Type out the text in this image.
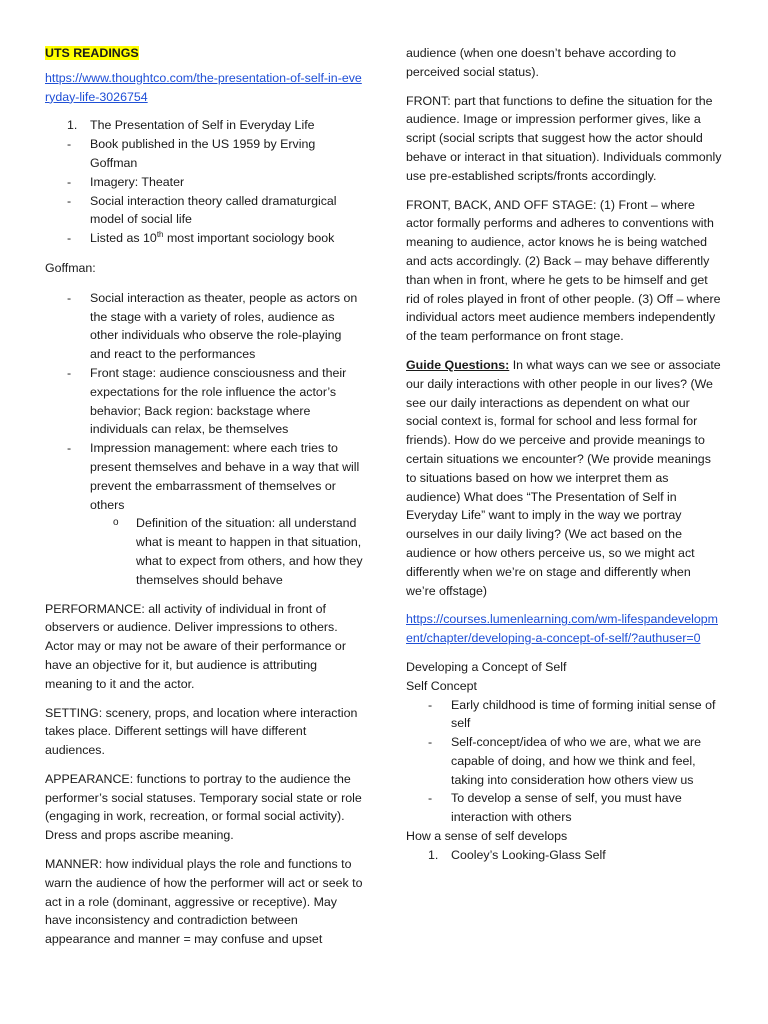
UTS READINGS

https://www.thoughtco.com/the-presentation-of-self-in-everyday-life-3026754

1. The Presentation of Self in Everyday Life
- Book published in the US 1959 by Erving Goffman
- Imagery: Theater
- Social interaction theory called dramaturgical model of social life
- Listed as 10th most important sociology book

Goffman:

- Social interaction as theater, people as actors on the stage with a variety of roles, audience as other individuals who observe the role-playing and react to the performances
- Front stage: audience consciousness and their expectations for the role influence the actor’s behavior; Back region: backstage where individuals can relax, be themselves
- Impression management: where each tries to present themselves and behave in a way that will prevent the embarrassment of themselves or others
o Definition of the situation: all understand what is meant to happen in that situation, what to expect from others, and how they themselves should behave

PERFORMANCE: all activity of individual in front of observers or audience. Deliver impressions to others. Actor may or may not be aware of their performance or have an objective for it, but audience is attributing meaning to it and the actor.

SETTING: scenery, props, and location where interaction takes place. Different settings will have different audiences.

APPEARANCE: functions to portray to the audience the performer’s social statuses. Temporary social state or role (engaging in work, recreation, or formal social activity). Dress and props ascribe meaning.

MANNER: how individual plays the role and functions to warn the audience of how the performer will act or seek to act in a role (dominant, aggressive or receptive). May have inconsistency and contradiction between appearance and manner = may confuse and upset

audience (when one doesn’t behave according to perceived social status).

FRONT: part that functions to define the situation for the audience. Image or impression performer gives, like a script (social scripts that suggest how the actor should behave or interact in that situation). Individuals commonly use pre-established scripts/fronts accordingly.

FRONT, BACK, AND OFF STAGE: (1) Front – where actor formally performs and adheres to conventions with meaning to audience, actor knows he is being watched and acts accordingly. (2) Back – may behave differently than when in front, where he gets to be himself and get rid of roles played in front of other people. (3) Off – where individual actors meet audience members independently of the team performance on front stage.

Guide Questions: In what ways can we see or associate our daily interactions with other people in our lives? (We see our daily interactions as dependent on what our social context is, formal for school and less formal for friends). How do we perceive and provide meanings to certain situations we encounter? (We provide meanings to situations based on how we interpret them as audience) What does “The Presentation of Self in Everyday Life” want to imply in the way we portray ourselves in our daily living? (We act based on the audience or how others perceive us, so we might act differently when we’re on stage and differently when we’re offstage)

https://courses.lumenlearning.com/wm-lifespandevelopment/chapter/developing-a-concept-of-self/?authuser=0

Developing a Concept of Self

Self Concept

- Early childhood is time of forming initial sense of self
- Self-concept/idea of who we are, what we are capable of doing, and how we think and feel, taking into consideration how others view us
- To develop a sense of self, you must have interaction with others

How a sense of self develops

1. Cooley’s Looking-Glass Self
